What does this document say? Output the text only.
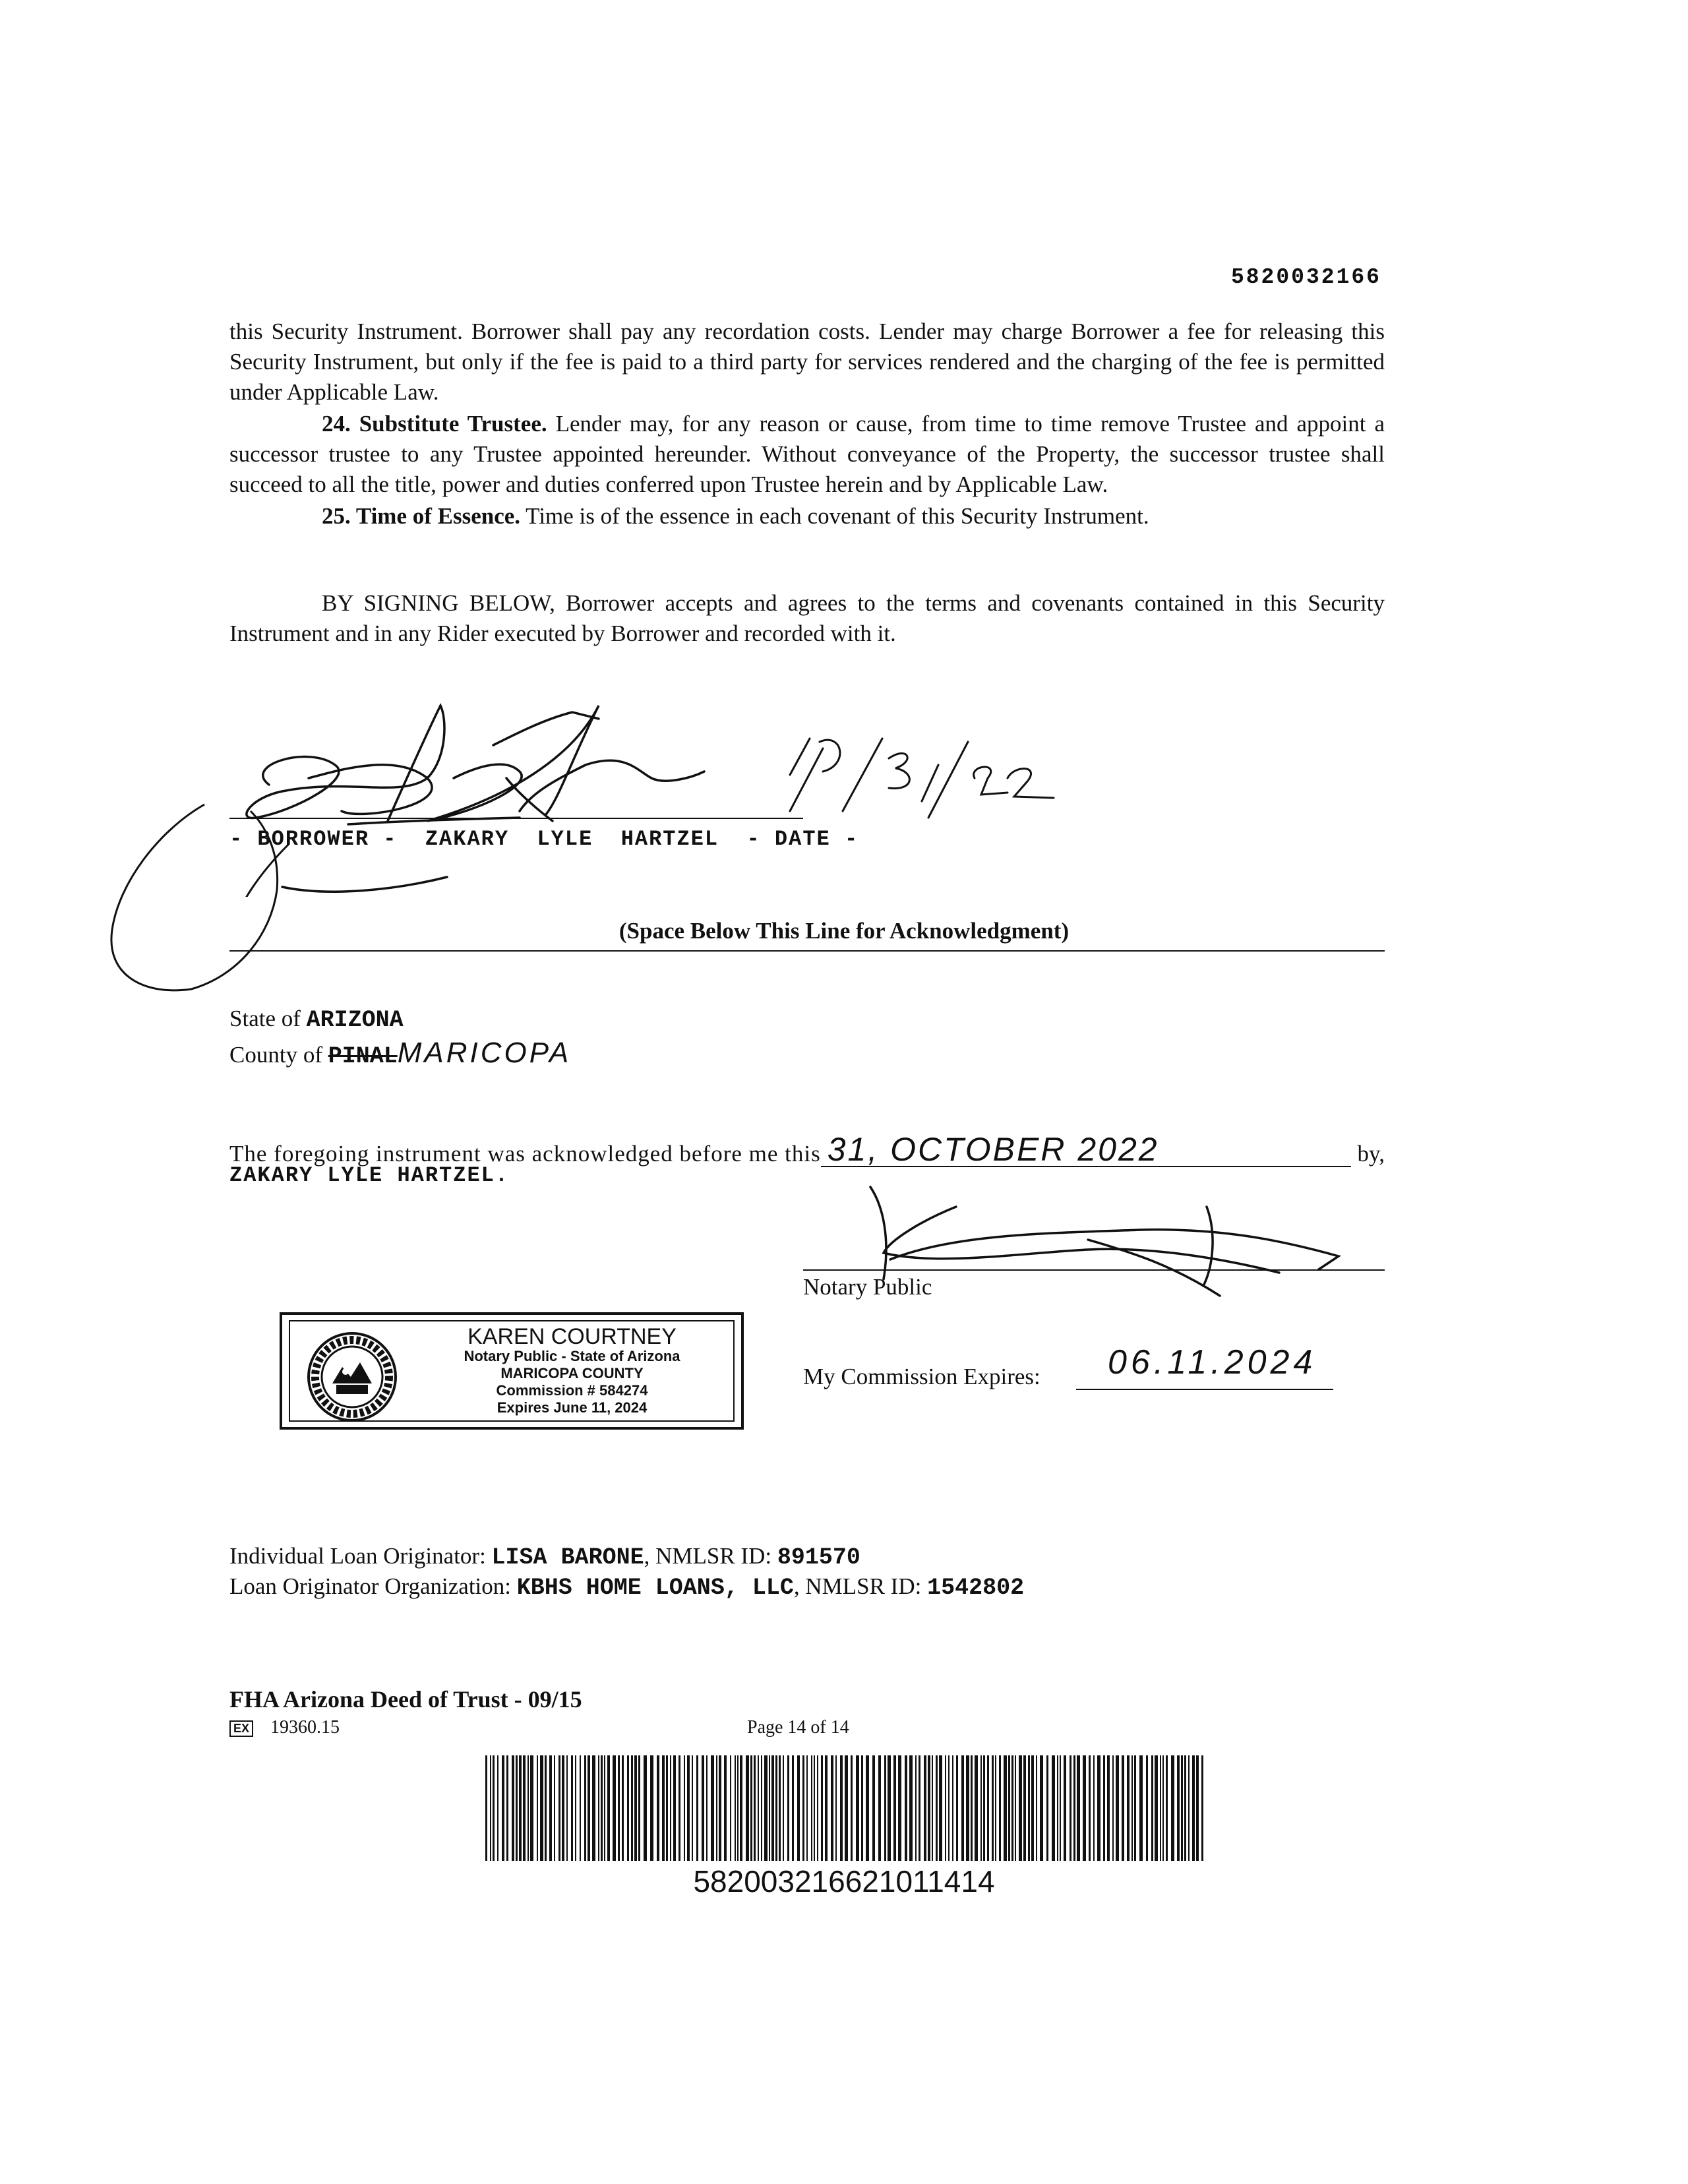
5820032166

this Security Instrument. Borrower shall pay any recordation costs. Lender may charge Borrower a fee for releasing this Security Instrument, but only if the fee is paid to a third party for services rendered and the charging of the fee is permitted under Applicable Law.

24. Substitute Trustee. Lender may, for any reason or cause, from time to time remove Trustee and appoint a successor trustee to any Trustee appointed hereunder. Without conveyance of the Property, the successor trustee shall succeed to all the title, power and duties conferred upon Trustee herein and by Applicable Law.

25. Time of Essence. Time is of the essence in each covenant of this Security Instrument.

BY SIGNING BELOW, Borrower accepts and agrees to the terms and covenants contained in this Security Instrument and in any Rider executed by Borrower and recorded with it.

- BORROWER -  ZAKARY  LYLE  HARTZEL  - DATE -
(Space Below This Line for Acknowledgment)
State of ARIZONA
County of PINALMARICOPA
The foregoing instrument was acknowledged before me this 31, OCTOBER 2022	by,
ZAKARY LYLE HARTZEL.
Notary Public
My Commission Expires: 06.11.2024
KAREN COURTNEY
Notary Public - State of Arizona
MARICOPA COUNTY
Commission # 584274
Expires June 11, 2024
Individual Loan Originator: LISA BARONE, NMLSR ID: 891570
Loan Originator Organization: KBHS HOME LOANS, LLC, NMLSR ID: 1542802
FHA Arizona Deed of Trust - 09/15
EX 19360.15	Page 14 of 14
582003216621011414
